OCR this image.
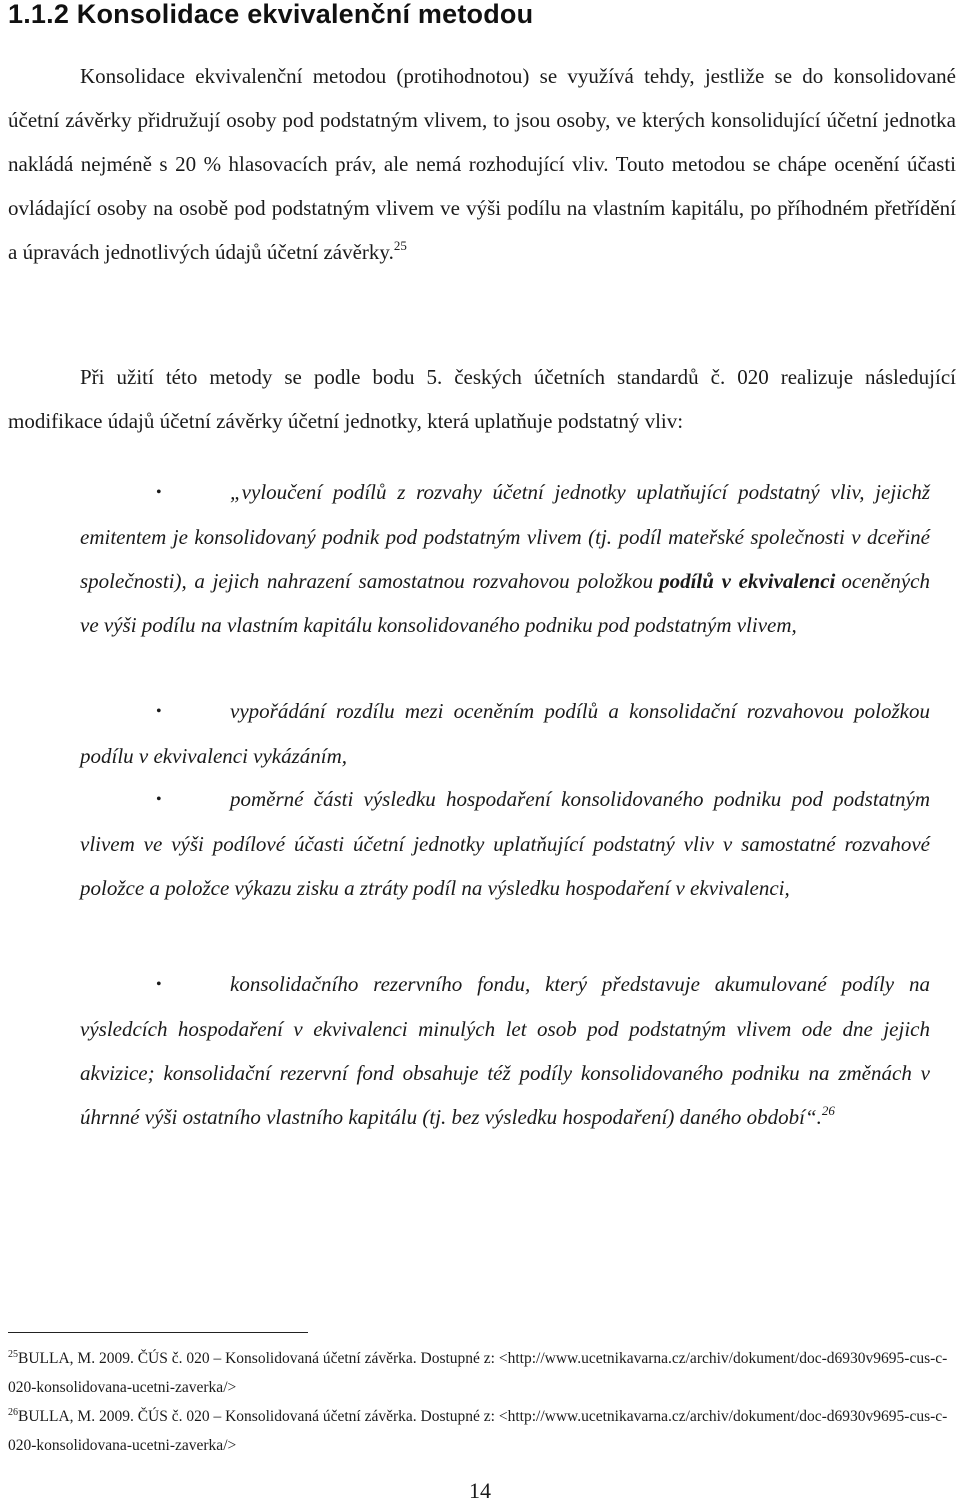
1.1.2 Konsolidace ekvivalenční metodou

Konsolidace ekvivalenční metodou (protihodnotou) se využívá tehdy, jestliže se do konsolidované účetní závěrky přidružují osoby pod podstatným vlivem, to jsou osoby, ve kterých konsolidující účetní jednotka nakládá nejméně s 20 % hlasovacích práv, ale nemá rozhodující vliv. Touto metodou se chápe ocenění účasti ovládající osoby na osobě pod podstatným vlivem ve výši podílu na vlastním kapitálu, po příhodném přetřídění a úpravách jednotlivých údajů účetní závěrky.$^{25}$

Při užití této metody se podle bodu 5. českých účetních standardů č. 020 realizuje následující modifikace údajů účetní závěrky účetní jednotky, která uplatňuje podstatný vliv:

•	„vyloučení podílů z rozvahy účetní jednotky uplatňující podstatný vliv, jejichž emitentem je konsolidovaný podnik pod podstatným vlivem (tj. podíl mateřské společnosti v dceřiné společnosti), a jejich nahrazení samostatnou rozvahovou položkou podílů v ekvivalenci oceněných ve výši podílu na vlastním kapitálu konsolidovaného podniku pod podstatným vlivem,
•	vypořádání rozdílu mezi oceněním podílů a konsolidační rozvahovou položkou podílu v ekvivalenci vykázáním,
•	poměrné části výsledku hospodaření konsolidovaného podniku pod podstatným vlivem ve výši podílové účasti účetní jednotky uplatňující podstatný vliv v samostatné rozvahové položce a položce výkazu zisku a ztráty podíl na výsledku hospodaření v ekvivalenci,
•	konsolidačního rezervního fondu, který představuje akumulované podíly na výsledcích hospodaření v ekvivalenci minulých let osob pod podstatným vlivem ode dne jejich akvizice; konsolidační rezervní fond obsahuje též podíly konsolidovaného podniku na změnách v úhrnné výši ostatního vlastního kapitálu (tj. bez výsledku hospodaření) daného období“.$^{26}$

$^{25}$BULLA, M. 2009. ČÚS č. 020 – Konsolidovaná účetní závěrka. Dostupné z: <http://www.ucetnikavarna.cz/archiv/dokument/doc-d6930v9695-cus-c-020-konsolidovana-ucetni-zaverka/>

$^{26}$BULLA, M. 2009. ČÚS č. 020 – Konsolidovaná účetní závěrka. Dostupné z: <http://www.ucetnikavarna.cz/archiv/dokument/doc-d6930v9695-cus-c-020-konsolidovana-ucetni-zaverka/>

14
